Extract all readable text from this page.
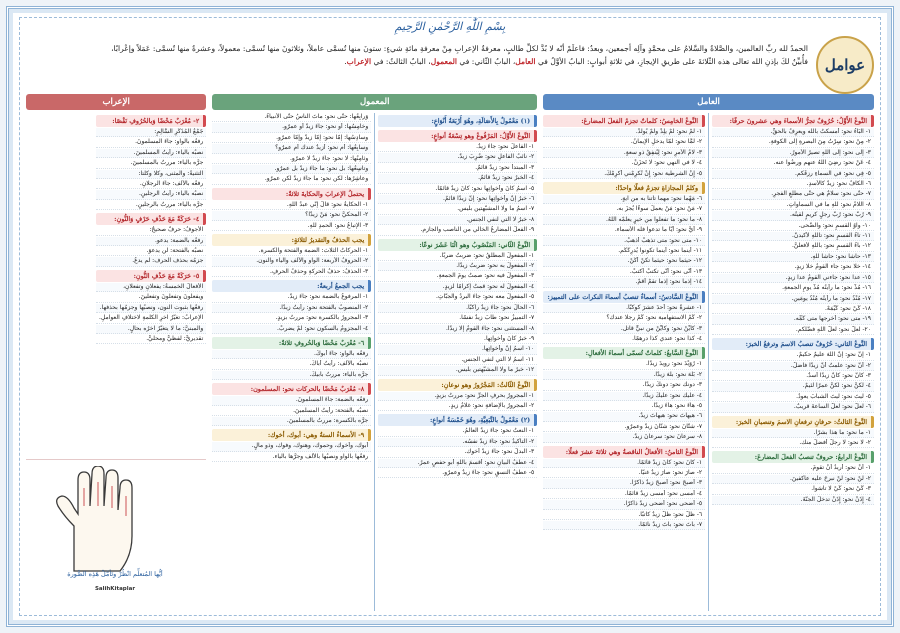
بِسْمِ اللّٰهِ الرَّحْمٰنِ الرَّحِيمِ
عوامل
الحمدُ لله ربِّ العالمين، والصَّلاةُ والسَّلامُ على محمَّدٍ وآلِه أجمعين، وبعدُ: فاعلَمْ أنّه لا بُدَّ لكلِّ طالبٍ، معرفةُ الإعرابِ مِنْ معرفةِ مائةِ شيءٍ: ستونَ منها تُسمَّى عاملاً، وثلاثونَ منها تُسمَّى: معمولاً، وعشرةٌ منها تُسمَّى: عَمَلاً وإعْرابًا،
فأُبيِّنُ لكَ بإذنِ الله تعالى هذه الثّلاثةَ على طريقِ الإيجازِ، في ثلاثةِ أبوابٍ: البابُ الأوَّلُ في العامل، البابُ الثّاني: في المعمول، البابُ الثالثُ: في الإعراب.
العامل
النَّوعُ الأَوَّلُ: حُرُوفٌ تجرُّ الأسماءَ وهي عشرونَ حرفًا:
١- البَاءُ نحو: أمسكتُ بالله ويعرِفُ بالحقِّ.
٢- مِنْ نحو: سِرْتُ مِنَ البصرةِ إلى الكوفةِ.
٣- إلى نحو: إلى اللهِ تصيرُ الأمورُ.
٤- عَنْ نحو: رضِيَ اللهُ عنهم ورضُوا عنه.
٥- فِي نحو: في السماءِ رزقُكم.
٦- الكافُ نحو: زيدٌ كالأسدِ.
٧- حتّى نحو: سلامٌ هي حتّى مطلعِ الفجرِ.
٨- اللامُ نحو: للهِ ما في السماواتِ.
٩- رُبَّ نحو: رُبَّ رجلٍ كريمٍ لقيتُه.
١٠- واوُ القسمِ نحو: والضُّحى.
١١- تاءُ القسمِ نحو: تاللهِ لأكيدنَّ.
١٢- باءُ القسمِ نحو: باللهِ لأفعلنَّ.
١٣- حاشا نحو: حاشا للهِ.
١٤- خلا نحو: جاء القومُ خلا زيدٍ.
١٥- عدا نحو: جاءني القومُ عدا زيدٍ.
١٦- مُذْ نحو: ما رأيتُه مُذْ يومِ الجمعةِ.
١٧- مُنْذُ نحو: ما رأيتُه مُنْذُ يومَين.
١٨- كَيْ نحو: كَيْمَهْ.
١٩- متى نحو: أخرجها متى كُمِّه.
٢٠- لعلَّ نحو: لعلَّ اللهِ فضّلكم.
النَّوعُ الثاني: حُرُوفٌ تنصبُ الاسمَ وترفعُ الخبرَ:
١- إنَّ نحو: إنَّ اللهَ عليمٌ حكيمٌ.
٢- أنَّ نحو: علمتُ أنَّ زيدًا فاضلٌ.
٣- كأنَّ نحو: كأنَّ زيدًا أسدٌ.
٤- لكنَّ نحو: لكنَّ عمرًا لئيمٌ.
٥- ليتَ نحو: ليتَ الشبابَ يعودُ.
٦- لعلَّ نحو: لعلَّ الساعةَ قريبٌ.
النَّوعُ الثالثُ: حرفانِ ترفعانِ الاسمَ وتنصبانِ الخبرَ:
١- ما نحو: ما هذا بشرًا.
٢- لا نحو: لا رجلٌ أفضلَ منك.
النَّوعُ الرابعُ: حروفٌ تنصبُ الفعلَ المضارعَ:
١- أَنْ نحو: أُريدُ أَنْ تقومَ.
٢- لَنْ نحو: لَنْ نبرحَ عليه عاكفينَ.
٣- كَيْ نحو: كَيْ لا تأسَوا.
٤- إِذَنْ نحو: إِذَنْ تدخلَ الجنّةَ.
النَّوعُ الخامِسُ: كلماتٌ تجزمُ الفعلَ المضارعَ:
١- لَمْ نحو: لَمْ يلِدْ ولَمْ يُولَدْ.
٢- لَمَّا نحو: لمّا يدخلِ الإيمانُ.
٣- لامُ الأمرِ نحو: لِيُنفِقْ ذو سعةٍ.
٤- لا في النهي نحو: لا تَحزَنْ.
٥- إِنْ الشرطية نحو: إِنْ تُكرِمْني أُكرِمْكَ.
وكلمُ المجازاةِ تجزمُ فعلًا واحدًا:
٦- مَهْما نحو: مهما تأتنا به من آيةٍ.
٧- مَنْ نحو: مَنْ يعملْ سوءًا يُجزَ به.
٨- ما نحو: ما تفعلوا من خيرٍ يعلمْه اللهُ.
٩- أيُّ نحو: أيًّا ما تدعوا فله الأسماء.
١٠- متى نحو: متى تذهبْ أذهبْ.
١١- أينما نحو: أينما تكونوا يُدرِكْكُم.
١٢- حيثما نحو: حيثما تكنْ أكُنْ.
١٣- أنّى نحو: أنّى تكتبْ أكتبْ.
١٤- إذما نحو: إذما تقمْ أقمْ.
النَّوعُ السَّادسُ: أسماءٌ تنصبُ أسماءَ النكرات على التمييز:
١- عشرةٌ نحو: أحدَ عشرَ كوكبًا.
٢- كَمْ الاستفهامية نحو: كَمْ رجلًا عندك؟
٣- كأيِّنْ نحو: وكأيِّنْ من نبيٍّ قاتل.
٤- كذا نحو: عندي كذا درهمًا.
النَّوعُ السَّابعُ: كلماتٌ تُسمّى أسماءَ الأفعالِ:
١- رُوَيْدَ نحو: رويدَ زيدًا.
٢- بَلْهَ نحو: بلهَ زيدًا.
٣- دونك نحو: دونكَ زيدًا.
٤- عليك نحو: عليكَ زيدًا.
٥- هاءَ نحو: هاءَ زيدًا.
٦- هيهاتَ نحو: هيهاتَ زيدٌ.
٧- شتّانَ نحو: شتّانَ زيدٌ وعمرٌو.
٨- سرعانَ نحو: سرعانَ زيدٌ.
النَّوعُ الثامنُ: الأفعالُ الناقصةُ وهي ثلاثةَ عشرَ فعلًا:
١- كانَ نحو: كانَ زيدٌ قائمًا.
٢- صارَ نحو: صارَ زيدٌ غنيًّا.
٣- أصبحَ نحو: أصبحَ زيدٌ ذاكرًا.
٤- أمسى نحو: أمسى زيدٌ قائمًا.
٥- أضحى نحو: أضحى زيدٌ ذاكرًا.
٦- ظلَّ نحو: ظلَّ زيدٌ كاتبًا.
٧- باتَ نحو: باتَ زيدٌ نائمًا.
المعمول
(١) مَعْمُولٌ بِالأَصَالَةِ، وهُوَ أَرْبَعَةُ أَنْوَاعٍ:
النَّوعُ الأَوَّلُ: المَرْفُوعُ وهو تِسْعَةُ أنواعٍ:
١- الفاعلُ نحو: جاءَ زيدٌ.
٢- نائبُ الفاعلِ نحو: ضُرِبَ زيدٌ.
٣- المبتدأُ نحو: زيدٌ قائمٌ.
٤- الخبرُ نحو: زيدٌ قائمٌ.
٥- اسمُ كانَ وأخواتِها نحو: كانَ زيدٌ قائمًا.
٦- خبرُ إنَّ وأخواتِها نحو: إنَّ زيدًا قائمٌ.
٧- اسمُ ما ولا المشبّهتين بليس.
٨- خبرُ لا التي لنفي الجنس.
٩- الفعلُ المضارعُ الخالي من الناصب والجازم.
النَّوعُ الثّاني: المَنْصُوبُ وهو اثْنَا عَشَرَ نوعًا:
١- المفعولُ المطلقُ نحو: ضربتُ ضربًا.
٢- المفعولُ به نحو: ضربتُ زيدًا.
٣- المفعولُ فيه نحو: صمتُ يومَ الجمعةِ.
٤- المفعولُ له نحو: قمتُ إكرامًا لزيدٍ.
٥- المفعولُ معه نحو: جاءَ البردُ والجبّاتِ.
٦- الحالُ نحو: جاءَ زيدٌ راكبًا.
٧- التمييزُ نحو: طابَ زيدٌ نفسًا.
٨- المستثنى نحو: جاءَ القومُ إلا زيدًا.
٩- خبرُ كانَ وأخواتِها.
١٠- اسمُ إنَّ وأخواتِها.
١١- اسمُ لا التي لنفي الجنس.
١٢- خبرُ ما ولا المشبّهتين بليس.
النَّوعُ الثّالثُ: المَجْرُورُ وهو نوعانِ:
١- المجرورُ بحرفِ الجرِّ نحو: مررتُ بزيدٍ.
٢- المجرورُ بالإضافةِ نحو: غلامُ زيدٍ.
(٢) مَعْمُولٌ بالتَّبَعِيَّةِ، وهُوَ خَمْسَةُ أنواعٍ:
١- النعتُ نحو: جاءَ زيدٌ العالمُ.
٢- التأكيدُ نحو: جاءَ زيدٌ نفسُه.
٣- البدلُ نحو: جاءَ زيدٌ أخوك.
٤- عطفُ البيانِ نحو: أقسمَ باللهِ أبو حفصٍ عمرُ.
٥- عطفُ النسقِ نحو: جاءَ زيدٌ وعمرٌو.
وَرابِعُها: حتّى نحو: ماتَ الناسُ حتّى الأنبياءُ.
وخامِسُها: أو نحو: جاءَ زيدٌ أو عمرٌو.
وسادِسُها: إمّا نحو: إمّا زيدٌ وإمّا عمرٌو.
وسابِعُها: أم نحو: أزيدٌ عندك أم عمرٌو؟
وثامِنُها: لا نحو: جاءَ زيدٌ لا عمرٌو.
وتاسِعُها: بل نحو: ما جاءَ زيدٌ بل عمرٌو.
وعاشِرُها: لكن نحو: ما جاءَ زيدٌ لكن عمرٌو.
يحتملُ الإعرابَ والحكايةَ ثلاثةٌ:
١- الحكايةُ نحو: قالَ إنّي عبدُ اللهِ.
٢- المحكيُّ نحو: مَنْ زيدًا؟
٣- الإتباعُ نحو: الحمدِ للهِ.
يجب الحذفُ والتقديرُ لثلاثةٍ:
١- الحركاتُ الثلاث: الضمة والفتحة والكسرة.
٢- الحروفُ الأربعة: الواو والألف والياء والنون.
٣- الحذفُ: حذفُ الحركةِ وحذفُ الحرفِ.
يجب الجمعُ أربعةٌ:
١- المرفوعُ بالضمة نحو: جاءَ زيدٌ.
٢- المنصوبُ بالفتحة نحو: رأيتُ زيدًا.
٣- المجرورُ بالكسرة نحو: مررتُ بزيدٍ.
٤- المجزومُ بالسكون نحو: لَمْ يضربْ.
٦- مُعْرَبٌ مَحْضًا وَبالحُروفِ ثلاثةٌ:
رفعُه بالواو: جاءَ أبوكَ.
نصبُه بالألف: رأيتُ أباكَ.
جرُّه بالياء: مررتُ بأبيكَ.
٨- مُعْرَبٌ مَحْضًا بالحركات نحو: المسلمون:
رفعُه بالضمة: جاءَ المسلمونَ.
نصبُه بالفتحة: رأيتُ المسلمينَ.
جرُّه بالكسرة: مررتُ بالمسلمينَ.
٩- الأسماءُ الستةُ وهي: أبوك، أخوك:
أبوك، وأخوك، وحموك، وهنوك، وفوك، وذو مالٍ.
رفعُها بالواو ونصبُها بالألف وجرُّها بالياء.
الإعراب
٢- مُعْرَبٌ مَحْضًا وَبالحُرُوفِ نَقْصًا:
جَمْعُ المُذَكَّرِ السَّالِمِ:
رفعُه بالواو: جاءَ المسلمونَ.
نصبُه بالياء: رأيتُ المسلمينَ.
جرُّه بالياء: مررتُ بالمسلمينَ.
التثنيةُ: والمثنى، وكلا وكلتا:
رفعُه بالألف: جاءَ الرجلانِ.
نصبُه بالياء: رأيتُ الرجلَينِ.
جرُّه بالياء: مررتُ بالرجلَينِ.
٤- حَرَكَةٌ مَعَ حَذْفِ حَرْفٍ وَالنُّونِ:
الأجوفُ: حرفٌ صحيحٌ:
رفعُه بالضمة: يدعو.
نصبُه بالفتحة: لن يدعوَ.
جزمُه بحذف الحرف: لم يدعُ.
٥- حَرَكَةٌ مَعَ حَذْفِ النُّونِ:
الأفعالُ الخمسةُ: يفعلانِ وتفعلانِ،
ويفعلونَ وتفعلونَ وتفعلينَ.
رفعُها بثبوت النون، ونصبُها وجزمُها بحذفها.
الإعرابُ: تغيُّرُ آخرِ الكلمةِ لاختلافِ العواملِ.
والمبنيُّ: ما لا يتغيّرُ آخرُه بحالٍ.
تقديريٌّ: لفظيٌّ ومحلّيٌّ.
أيُّها المُتعلِّم انْظُرْ وتَأمَّلْ هَذِه الصُّورة
SalihKitaplar
